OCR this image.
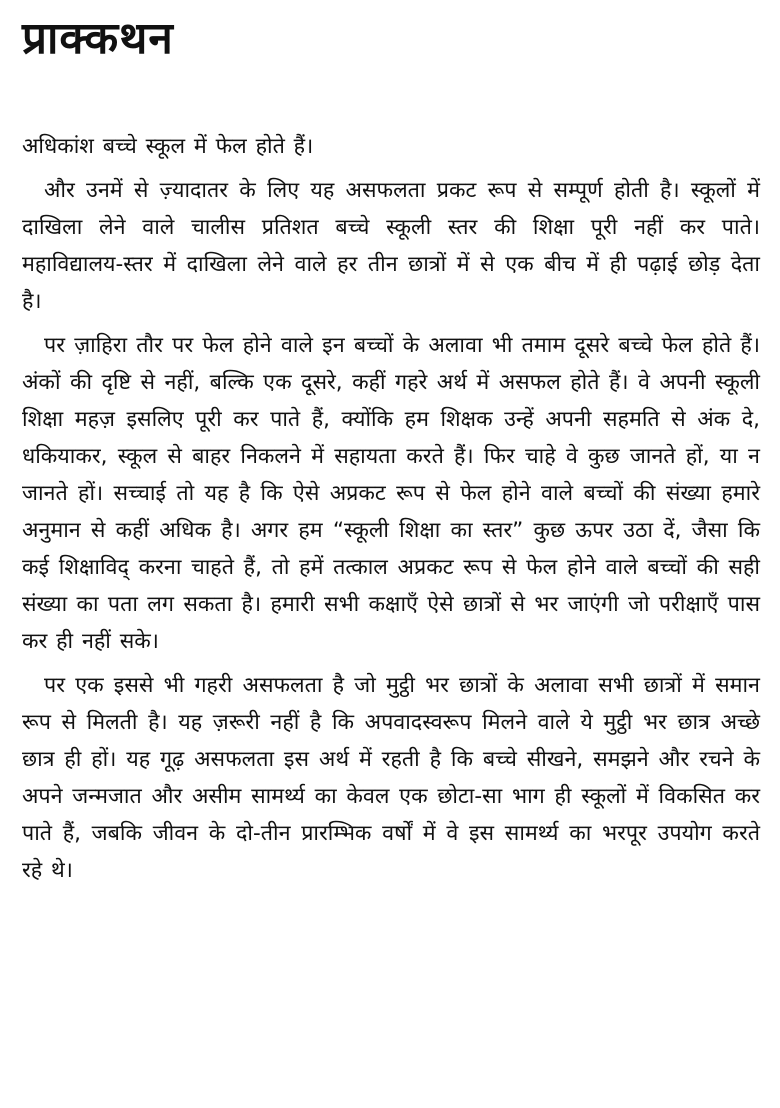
प्राक्कथन

अधिकांश बच्चे स्कूल में फेल होते हैं।

और उनमें से ज़्यादातर के लिए यह असफलता प्रकट रूप से सम्पूर्ण होती है। स्कूलों में दाखिला लेने वाले चालीस प्रतिशत बच्चे स्कूली स्तर की शिक्षा पूरी नहीं कर पाते। महाविद्यालय-स्तर में दाखिला लेने वाले हर तीन छात्रों में से एक बीच में ही पढ़ाई छोड़ देता है।

पर ज़ाहिरा तौर पर फेल होने वाले इन बच्चों के अलावा भी तमाम दूसरे बच्चे फेल होते हैं। अंकों की दृष्टि से नहीं, बल्कि एक दूसरे, कहीं गहरे अर्थ में असफल होते हैं। वे अपनी स्कूली शिक्षा महज़ इसलिए पूरी कर पाते हैं, क्योंकि हम शिक्षक उन्हें अपनी सहमति से अंक दे, धकियाकर, स्कूल से बाहर निकलने में सहायता करते हैं। फिर चाहे वे कुछ जानते हों, या न जानते हों। सच्चाई तो यह है कि ऐसे अप्रकट रूप से फेल होने वाले बच्चों की संख्या हमारे अनुमान से कहीं अधिक है। अगर हम “स्कूली शिक्षा का स्तर” कुछ ऊपर उठा दें, जैसा कि कई शिक्षाविद् करना चाहते हैं, तो हमें तत्काल अप्रकट रूप से फेल होने वाले बच्चों की सही संख्या का पता लग सकता है। हमारी सभी कक्षाएँ ऐसे छात्रों से भर जाएंगी जो परीक्षाएँ पास कर ही नहीं सके।

पर एक इससे भी गहरी असफलता है जो मुट्ठी भर छात्रों के अलावा सभी छात्रों में समान रूप से मिलती है। यह ज़रूरी नहीं है कि अपवादस्वरूप मिलने वाले ये मुट्ठी भर छात्र अच्छे छात्र ही हों। यह गूढ़ असफलता इस अर्थ में रहती है कि बच्चे सीखने, समझने और रचने के अपने जन्मजात और असीम सामर्थ्य का केवल एक छोटा-सा भाग ही स्कूलों में विकसित कर पाते हैं, जबकि जीवन के दो-तीन प्रारम्भिक वर्षों में वे इस सामर्थ्य का भरपूर उपयोग करते रहे थे।
